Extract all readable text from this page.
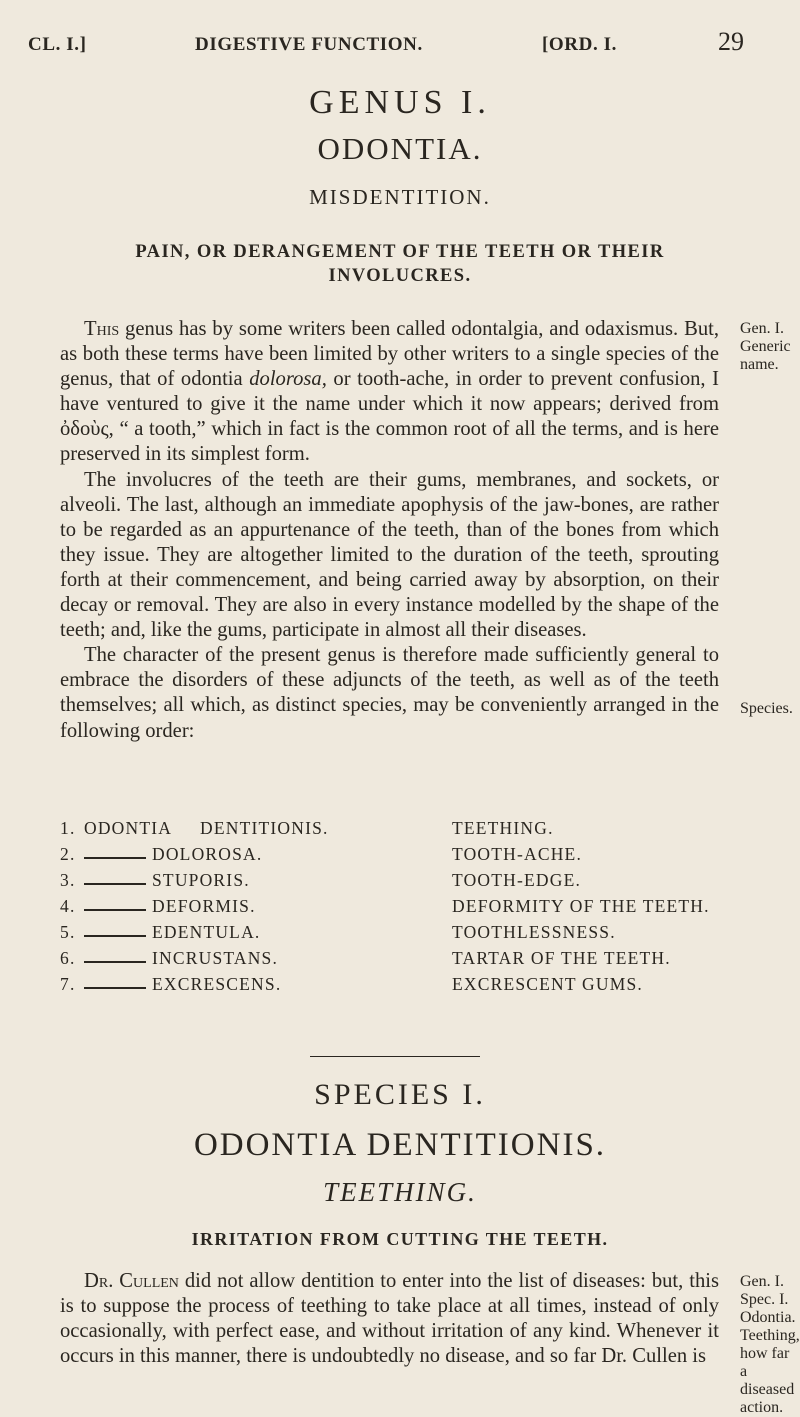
CL. I.]	DIGESTIVE FUNCTION.	[ORD. I.	29
GENUS I.
ODONTIA.
MISDENTITION.
PAIN, OR DERANGEMENT OF THE TEETH OR THEIR
INVOLUCRES.

This genus has by some writers been called odontalgia, and odaxismus. But, as both these terms have been limited by other writers to a single species of the genus, that of odontia dolorosa, or tooth-ache, in order to prevent confusion, I have ventured to give it the name under which it now appears; derived from ὀδοὺς, “ a tooth,” which in fact is the common root of all the terms, and is here preserved in its simplest form.

The involucres of the teeth are their gums, membranes, and sockets, or alveoli. The last, although an immediate apophysis of the jaw-bones, are rather to be regarded as an appurtenance of the teeth, than of the bones from which they issue. They are altogether limited to the duration of the teeth, sprouting forth at their commencement, and being carried away by absorption, on their decay or removal. They are also in every instance modelled by the shape of the teeth; and, like the gums, participate in almost all their diseases.

The character of the present genus is therefore made sufficiently general to embrace the disorders of these adjuncts of the teeth, as well as of the teeth themselves; all which, as distinct species, may be conveniently arranged in the following order:

Gen. I.
Generic
name.
Species.
1. ODONTIA DENTITIONIS.	TEETHING.
2.	DOLOROSA.	TOOTH-ACHE.
3.	STUPORIS.	TOOTH-EDGE.
4.	DEFORMIS.	DEFORMITY OF THE TEETH.
5.	EDENTULA.	TOOTHLESSNESS.
6.	INCRUSTANS.	TARTAR OF THE TEETH.
7.	EXCRESCENS.	EXCRESCENT GUMS.
SPECIES I.
ODONTIA DENTITIONIS.
TEETHING.
IRRITATION FROM CUTTING THE TEETH.

Dr. Cullen did not allow dentition to enter into the list of diseases: but, this is to suppose the process of teething to take place at all times, instead of only occasionally, with perfect ease, and without irritation of any kind. Whenever it occurs in this manner, there is undoubtedly no disease, and so far Dr. Cullen is

Gen. I.
Spec. I.
Odontia.
Teething,
how far a
diseased
action.
